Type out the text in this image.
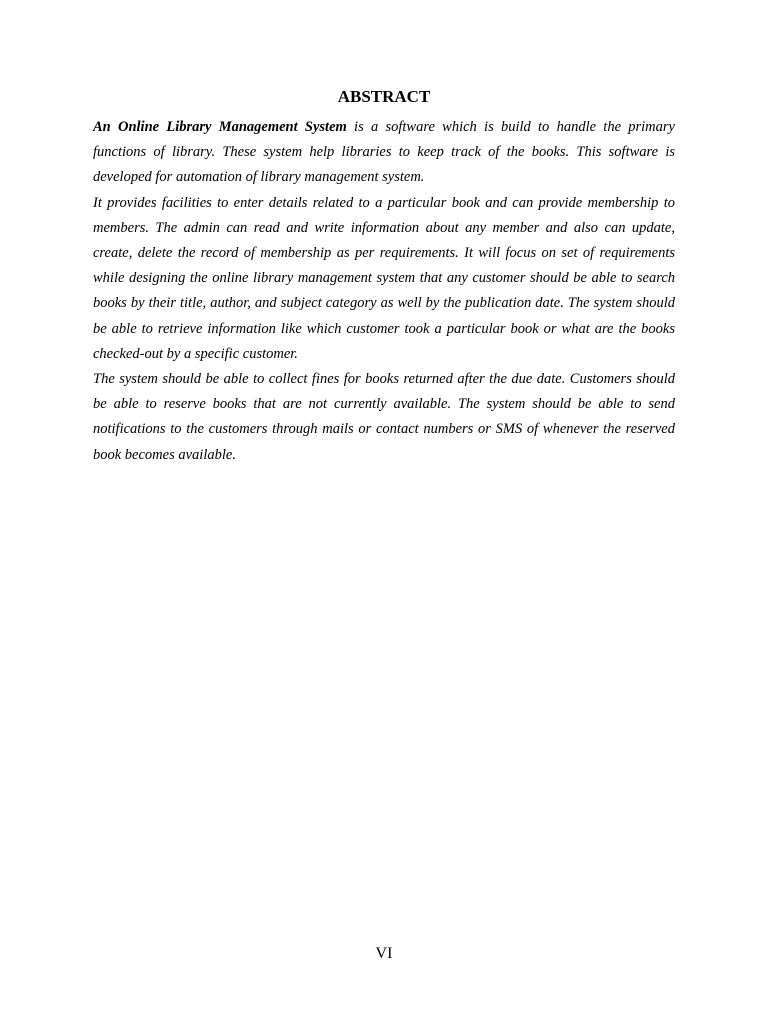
ABSTRACT

An Online Library Management System is a software which is build to handle the primary functions of library. These system help libraries to keep track of the books. This software is developed for automation of library management system.

It provides facilities to enter details related to a particular book and can provide membership to members. The admin can read and write information about any member and also can update, create, delete the record of membership as per requirements. It will focus on set of requirements while designing the online library management system that any customer should be able to search books by their title, author, and subject category as well by the publication date. The system should be able to retrieve information like which customer took a particular book or what are the books checked-out by a specific customer.

The system should be able to collect fines for books returned after the due date. Customers should be able to reserve books that are not currently available. The system should be able to send notifications to the customers through mails or contact numbers or SMS of whenever the reserved book becomes available.

VI
